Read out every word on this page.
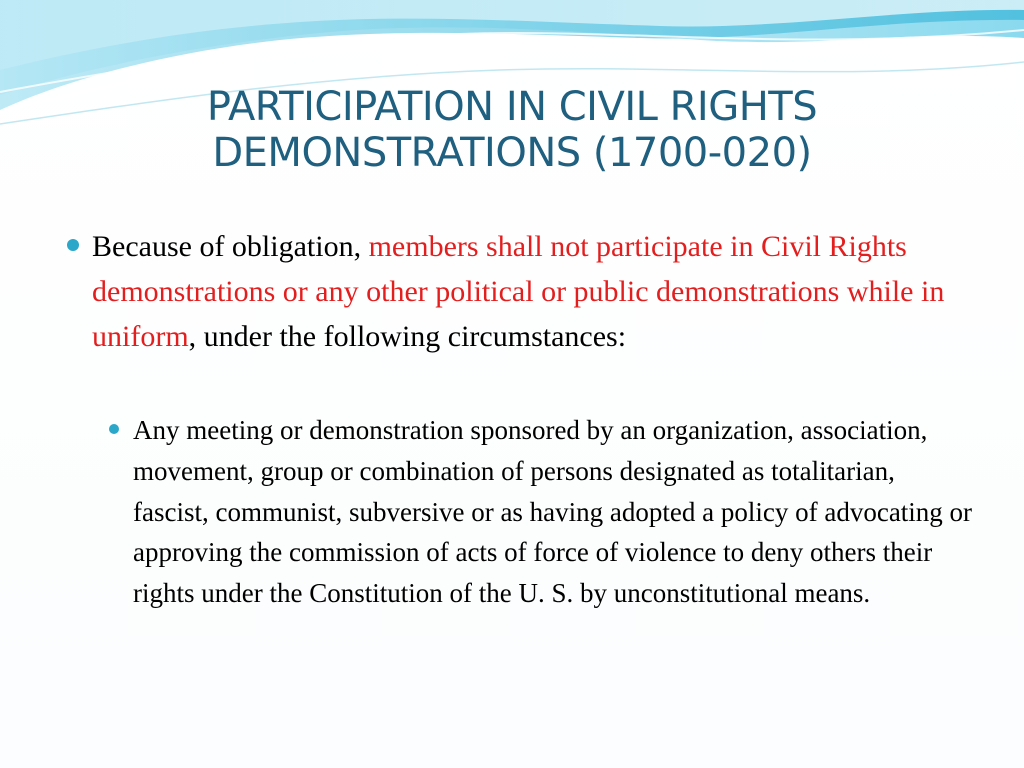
PARTICIPATION IN CIVIL RIGHTS
DEMONSTRATIONS (1700-020)

Because of obligation, members shall not participate in Civil Rights demonstrations or any other political or public demonstrations while in uniform, under the following circumstances:

Any meeting or demonstration sponsored by an organization, association, movement, group or combination of persons designated as totalitarian, fascist, communist, subversive or as having adopted a policy of advocating or approving the commission of acts of force of violence to deny others their rights under the Constitution of the U. S. by unconstitutional means.
